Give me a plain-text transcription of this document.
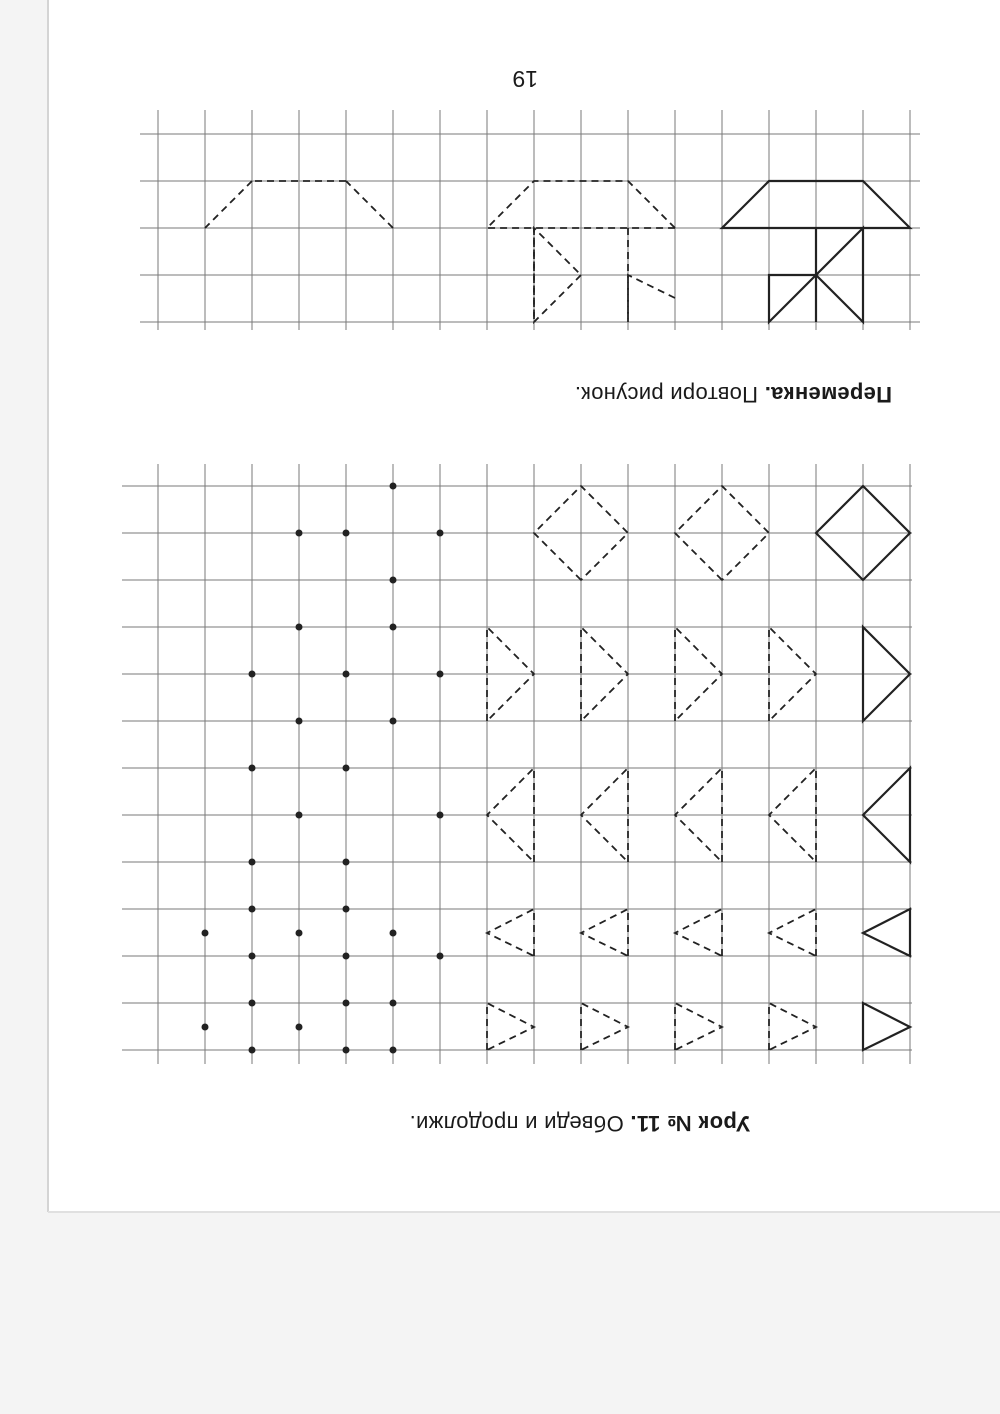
19
Переменка. Повтори рисунок.
Урок № 11. Обведи и продолжи.
